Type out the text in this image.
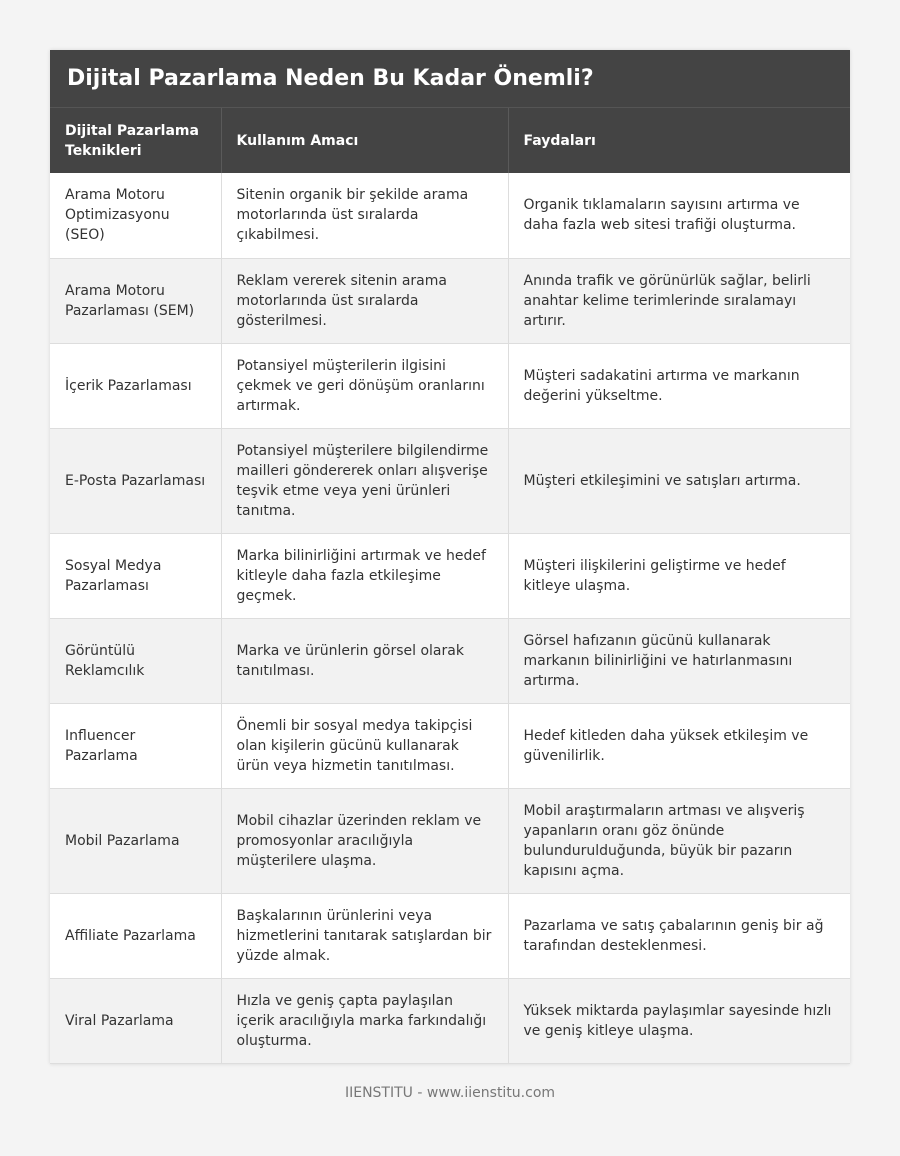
Dijital Pazarlama Neden Bu Kadar Önemli?
Dijital Pazarlama Teknikleri	Kullanım Amacı	Faydaları
Arama Motoru Optimizasyonu (SEO)	Sitenin organik bir şekilde arama motorlarında üst sıralarda çıkabilmesi.	Organik tıklamaların sayısını artırma ve daha fazla web sitesi trafiği oluşturma.
Arama Motoru Pazarlaması (SEM)	Reklam vererek sitenin arama motorlarında üst sıralarda gösterilmesi.	Anında trafik ve görünürlük sağlar, belirli anahtar kelime terimlerinde sıralamayı artırır.
İçerik Pazarlaması	Potansiyel müşterilerin ilgisini çekmek ve geri dönüşüm oranlarını artırmak.	Müşteri sadakatini artırma ve markanın değerini yükseltme.
E-Posta Pazarlaması	Potansiyel müşterilere bilgilendirme mailleri göndererek onları alışverişe teşvik etme veya yeni ürünleri tanıtma.	Müşteri etkileşimini ve satışları artırma.
Sosyal Medya Pazarlaması	Marka bilinirliğini artırmak ve hedef kitleyle daha fazla etkileşime geçmek.	Müşteri ilişkilerini geliştirme ve hedef kitleye ulaşma.
Görüntülü Reklamcılık	Marka ve ürünlerin görsel olarak tanıtılması.	Görsel hafızanın gücünü kullanarak markanın bilinirliğini ve hatırlanmasını artırma.
Influencer Pazarlama	Önemli bir sosyal medya takipçisi olan kişilerin gücünü kullanarak ürün veya hizmetin tanıtılması.	Hedef kitleden daha yüksek etkileşim ve güvenilirlik.
Mobil Pazarlama	Mobil cihazlar üzerinden reklam ve promosyonlar aracılığıyla müşterilere ulaşma.	Mobil araştırmaların artması ve alışveriş yapanların oranı göz önünde bulundurulduğunda, büyük bir pazarın kapısını açma.
Affiliate Pazarlama	Başkalarının ürünlerini veya hizmetlerini tanıtarak satışlardan bir yüzde almak.	Pazarlama ve satış çabalarının geniş bir ağ tarafından desteklenmesi.
Viral Pazarlama	Hızla ve geniş çapta paylaşılan içerik aracılığıyla marka farkındalığı oluşturma.	Yüksek miktarda paylaşımlar sayesinde hızlı ve geniş kitleye ulaşma.
IIENSTITU - www.iienstitu.com
